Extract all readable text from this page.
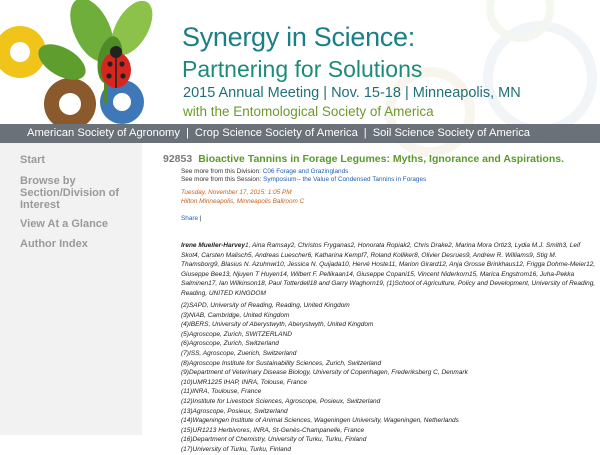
Synergy in Science:
Partnering for Solutions
2015 Annual Meeting | Nov. 15-18 | Minneapolis, MN
with the Entomological Society of America
American Society of Agronomy | Crop Science Society of America | Soil Science Society of America
Start
Browse by
Section/Division of
Interest
View At a Glance
Author Index
92853 Bioactive Tannins in Forage Legumes: Myths, Ignorance and Aspirations.
See more from this Division: C06 Forage and Grazinglands
See more from this Session: Symposium-- the Value of Condensed Tannins in Forages
Tuesday, November 17, 2015: 1:05 PM
Hilton Minneapolis, Minneapolis Ballroom C
Share |
Irene Mueller-Harvey1, Aina Ramsay2, Christos Fryganas2, Honorata Ropiak2, Chris Drake2, Marina Mora Ortiz3, Lydia M.J. Smith3, Leif Skot4, Carsten Malisch5, Andreas Luescher6, Katharina Kempf7, Roland Kolliker8, Olivier Desrues9, Andrew R. Williams9, Stig M. Thamsborg9, Blasius N. Azuhnwi10, Jessica N. Quijada10, Hervé Hoste11, Marion Girard12, Anja Grosse Brinkhaus12, Frigga Dohme-Meier12, Giuseppe Bee13, Njuyen T Huyen14, Wilbert F. Pellikaan14, Giuseppe Copani15, Vincent Niderkorn15, Marica Engstrom16, Juha-Pekka Salminen17, Ian Wilkinson18, Paul Totterdell18 and Garry Waghorn19, (1)School of Agriculture, Policy and Development, University of Reading, Reading, UNITED KINGDOM
(2)SAPD, University of Reading, Reading, United Kingdom
(3)NIAB, Cambridge, United Kingdom
(4)IBERS, University of Aberystwyth, Aberystwyth, United Kingdom
(5)Agroscope, Zurich, SWITZERLAND
(6)Agroscope, Zurich, Switzerland
(7)ISS, Agroscope, Zuerich, Switzerland
(8)Agroscope Institute for Sustainability Sciences, Zurich, Switzerland
(9)Department of Veterinary Disease Biology, University of Copenhagen, Frederiksberg C, Denmark
(10)UMR1225 IHAP, INRA, Tolouse, France
(11)INRA, Toulouse, France
(12)Institute for Livestock Sciences, Agroscope, Posieux, Switzerland
(13)Agroscope, Posieux, Switzerland
(14)Wageningen Institute of Animal Sciences, Wageningen University, Wageningen, Netherlands
(15)UR1213 Herbivores, INRA, St-Genès-Champanelle, France
(16)Department of Chemistry, University of Turku, Turku, Finland
(17)University of Turku, Turku, Finland
